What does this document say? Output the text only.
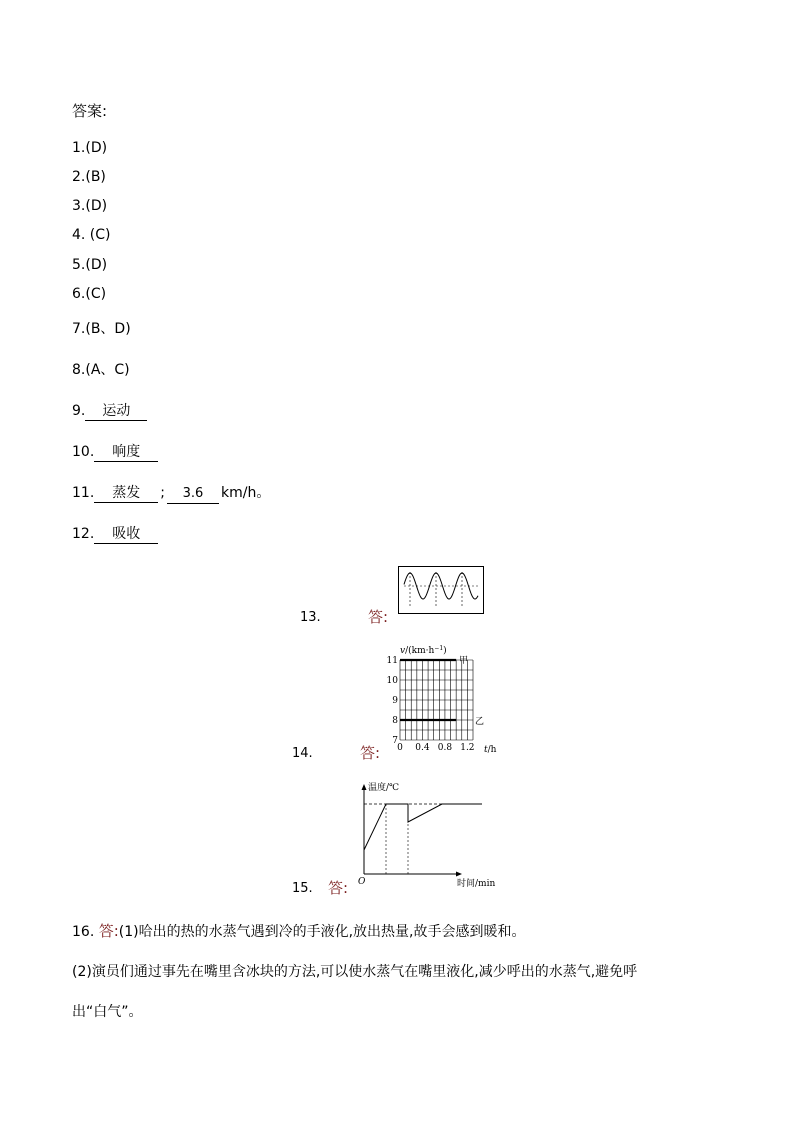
答案:
1.(D)
2.(B)
3.(D)
4. (C)
5.(D)
6.(C)
7.(B、D)
8.(A、C)
9. 运动
10. 响度
11. 蒸发 ; 3.6 km/h。
12. 吸收
13.	答:
14.	答:
$v/(km\cdot h^{-1})$
11
10
9
8
7
0 0.4 0.8 1.2
甲
乙
t/h
15. 答:
温度/℃
O	时间/min
16. 答:(1)哈出的热的水蒸气遇到冷的手液化,放出热量,故手会感到暖和。
(2)演员们通过事先在嘴里含冰块的方法,可以使水蒸气在嘴里液化,减少呼出的水蒸气,避免呼
出“白气”。
